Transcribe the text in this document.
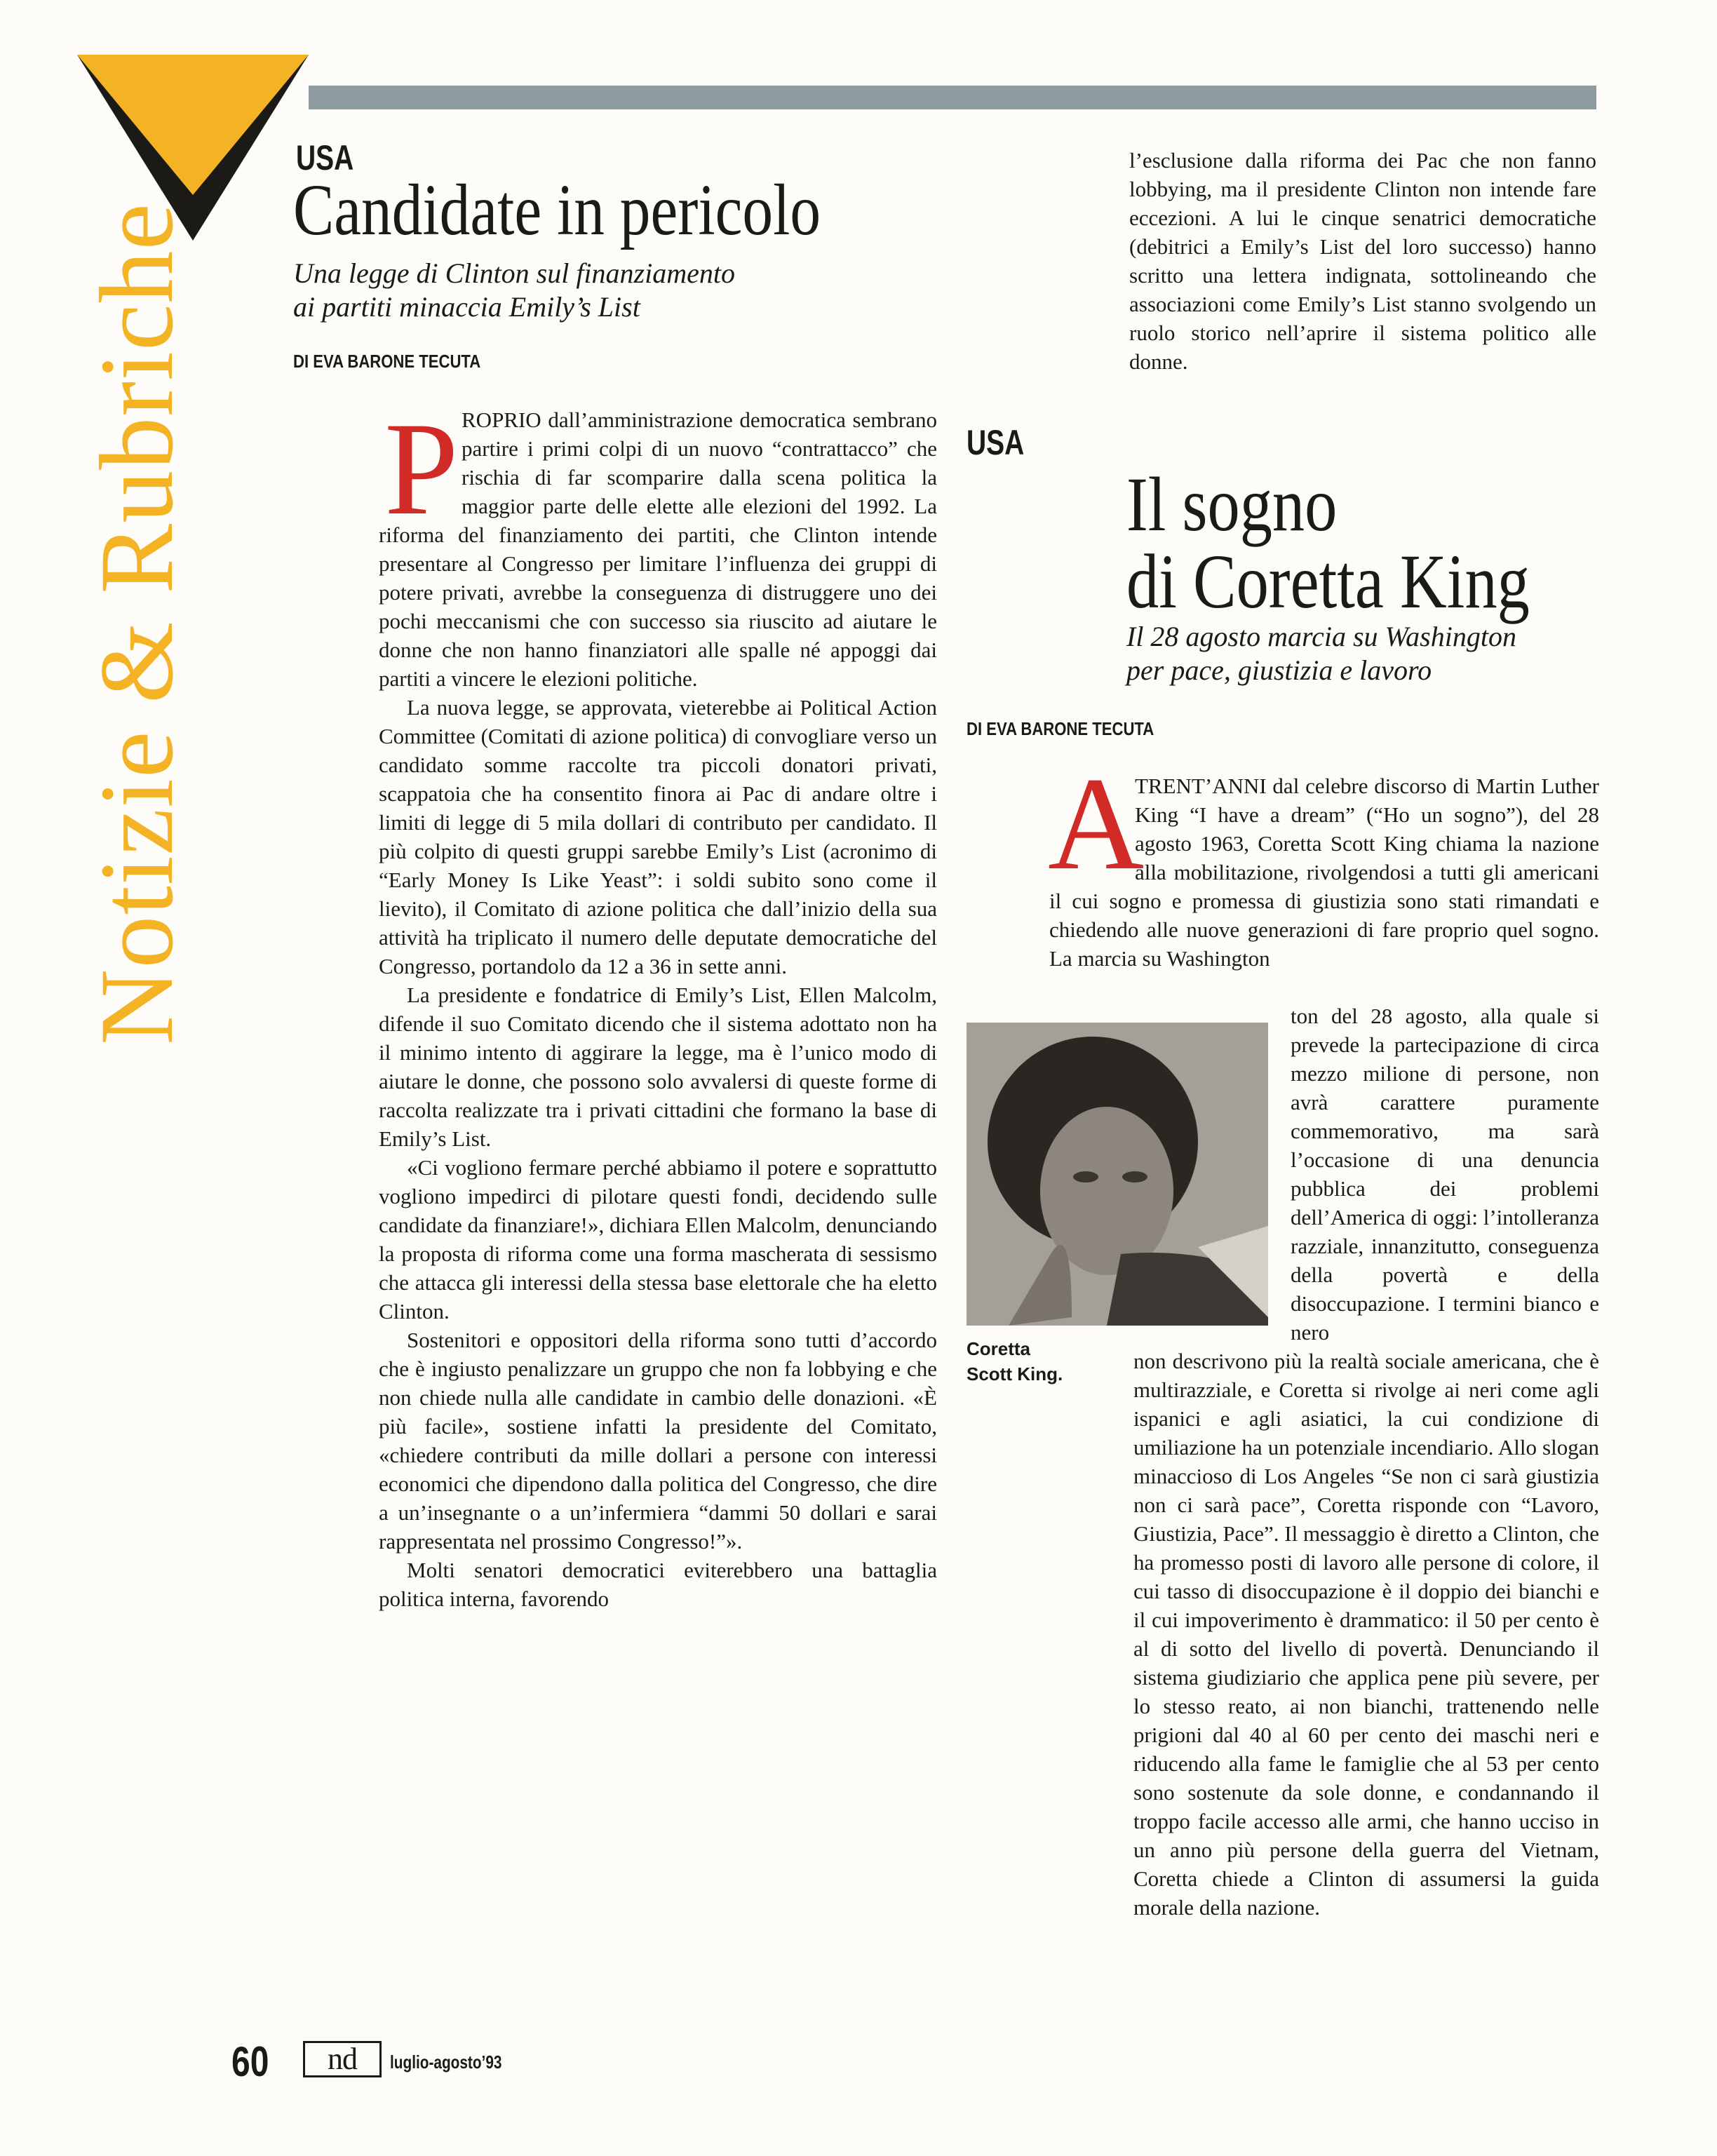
Notizie & Rubriche
USA
Candidate in pericolo
Una legge di Clinton sul finanziamento
ai partiti minaccia Emily’s List
DI EVA BARONE TECUTA
P ROPRIO dall’amministrazione democratica sembrano partire i primi colpi di un nuovo “contrattacco” che rischia di far scomparire dalla scena politica la maggior parte delle elette alle elezioni del 1992. La riforma del finanziamento dei partiti, che Clinton intende presentare al Congresso per limitare l’influenza dei gruppi di potere privati, avrebbe la conseguenza di distruggere uno dei pochi meccanismi che con successo sia riuscito ad aiutare le donne che non hanno finanziatori alle spalle né appoggi dai partiti a vincere le elezioni politiche.

La nuova legge, se approvata, vieterebbe ai Political Action Committee (Comitati di azione politica) di convogliare verso un candidato somme raccolte tra piccoli donatori privati, scappatoia che ha consentito finora ai Pac di andare oltre i limiti di legge di 5 mila dollari di contributo per candidato. Il più colpito di questi gruppi sarebbe Emily’s List (acronimo di “Early Money Is Like Yeast”: i soldi subito sono come il lievito), il Comitato di azione politica che dall’inizio della sua attività ha triplicato il numero delle deputate democratiche del Congresso, portandolo da 12 a 36 in sette anni.

La presidente e fondatrice di Emily’s List, Ellen Malcolm, difende il suo Comitato dicendo che il sistema adottato non ha il minimo intento di aggirare la legge, ma è l’unico modo di aiutare le donne, che possono solo avvalersi di queste forme di raccolta realizzate tra i privati cittadini che formano la base di Emily’s List.

«Ci vogliono fermare perché abbiamo il potere e soprattutto vogliono impedirci di pilotare questi fondi, decidendo sulle candidate da finanziare!», dichiara Ellen Malcolm, denunciando la proposta di riforma come una forma mascherata di sessismo che attacca gli interessi della stessa base elettorale che ha eletto Clinton.

Sostenitori e oppositori della riforma sono tutti d’accordo che è ingiusto penalizzare un gruppo che non fa lobbying e che non chiede nulla alle candidate in cambio delle donazioni. «È più facile», sostiene infatti la presidente del Comitato, «chiedere contributi da mille dollari a persone con interessi economici che dipendono dalla politica del Congresso, che dire a un’insegnante o a un’infermiera “dammi 50 dollari e sarai rappresentata nel prossimo Congresso!”».

Molti senatori democratici eviterebbero una battaglia politica interna, favorendo

l’esclusione dalla riforma dei Pac che non fanno lobbying, ma il presidente Clinton non intende fare eccezioni. A lui le cinque senatrici democratiche (debitrici a Emily’s List del loro successo) hanno scritto una lettera indignata, sottolineando che associazioni come Emily’s List stanno svolgendo un ruolo storico nell’aprire il sistema politico alle donne.

USA
Il sogno
di Coretta King
Il 28 agosto marcia su Washington
per pace, giustizia e lavoro
DI EVA BARONE TECUTA
A

TRENT’ANNI dal celebre discorso di Martin Luther King “I have a dream” (“Ho un sogno”), del 28 agosto 1963, Coretta Scott King chiama la nazione alla mobilitazione, rivolgendosi a tutti gli americani il cui sogno e promessa di giustizia sono stati rimandati e chiedendo alle nuove generazioni di fare proprio quel sogno. La marcia su Washington

Coretta
Scott King.

ton del 28 agosto, alla quale si prevede la partecipazione di circa mezzo milione di persone, non avrà carattere puramente commemorativo, ma sarà l’occasione di una denuncia pubblica dei problemi dell’America di oggi: l’intolleranza razziale, innanzitutto, conseguenza della povertà e della disoccupazione. I termini bianco e nero

non descrivono più la realtà sociale americana, che è multirazziale, e Coretta si rivolge ai neri come agli ispanici e agli asiatici, la cui condizione di umiliazione ha un potenziale incendiario. Allo slogan minaccioso di Los Angeles “Se non ci sarà giustizia non ci sarà pace”, Coretta risponde con “Lavoro, Giustizia, Pace”. Il messaggio è diretto a Clinton, che ha promesso posti di lavoro alle persone di colore, il cui tasso di disoccupazione è il doppio dei bianchi e il cui impoverimento è drammatico: il 50 per cento è al di sotto del livello di povertà. Denunciando il sistema giudiziario che applica pene più severe, per lo stesso reato, ai non bianchi, trattenendo nelle prigioni dal 40 al 60 per cento dei maschi neri e riducendo alla fame le famiglie che al 53 per cento sono sostenute da sole donne, e condannando il troppo facile accesso alle armi, che hanno ucciso in un anno più persone della guerra del Vietnam, Coretta chiede a Clinton di assumersi la guida morale della nazione.

60	nd	luglio-agosto’93
